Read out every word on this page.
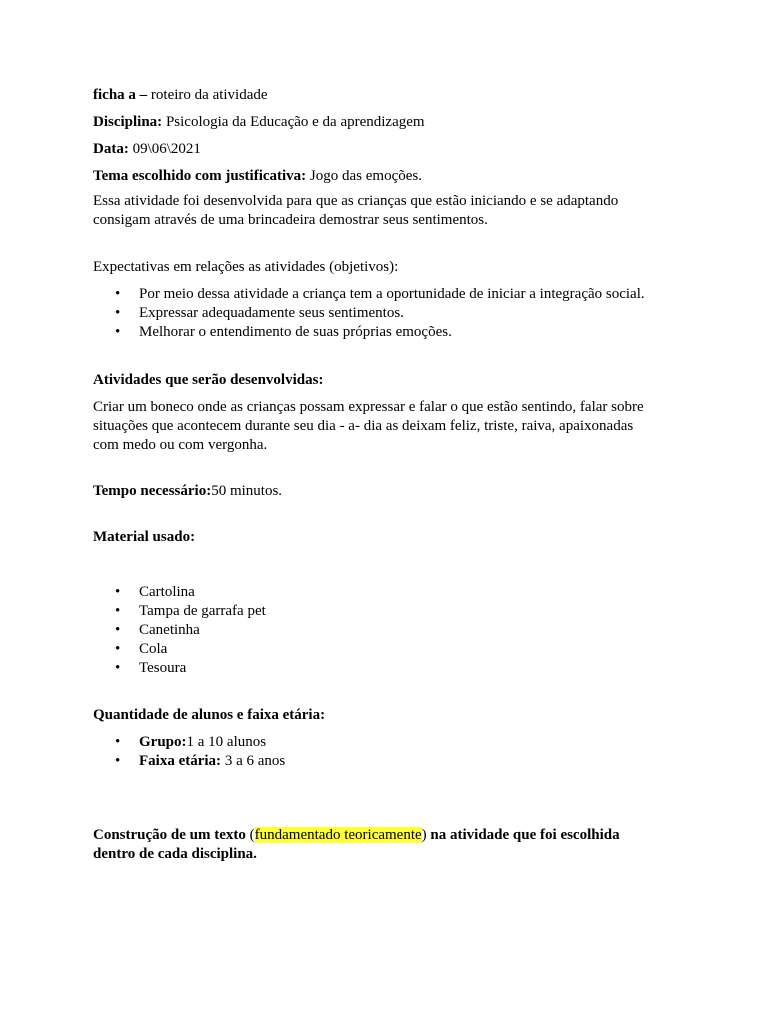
ficha a – roteiro da atividade

Disciplina: Psicologia da Educação e da aprendizagem

Data: 09\06\2021

Tema escolhido com justificativa: Jogo das emoções.

Essa atividade foi desenvolvida para que as crianças que estão iniciando e se adaptando

consigam através de uma brincadeira demostrar seus sentimentos.

Expectativas em relações as atividades (objetivos):

• Por meio dessa atividade a criança tem a oportunidade de iniciar a integração social.
• Expressar adequadamente seus sentimentos.
• Melhorar o entendimento de suas próprias emoções.

Atividades que serão desenvolvidas:

Criar um boneco onde as crianças possam expressar e falar o que estão sentindo, falar sobre

situações que acontecem durante seu dia - a- dia as deixam feliz, triste, raiva, apaixonadas

com medo ou com vergonha.

Tempo necessário:50 minutos.

Material usado:

• Cartolina
• Tampa de garrafa pet
• Canetinha
• Cola
• Tesoura

Quantidade de alunos e faixa etária:

• Grupo:1 a 10 alunos
• Faixa etária: 3 a 6 anos

Construção de um texto (fundamentado teoricamente) na atividade que foi escolhida

dentro de cada disciplina.
